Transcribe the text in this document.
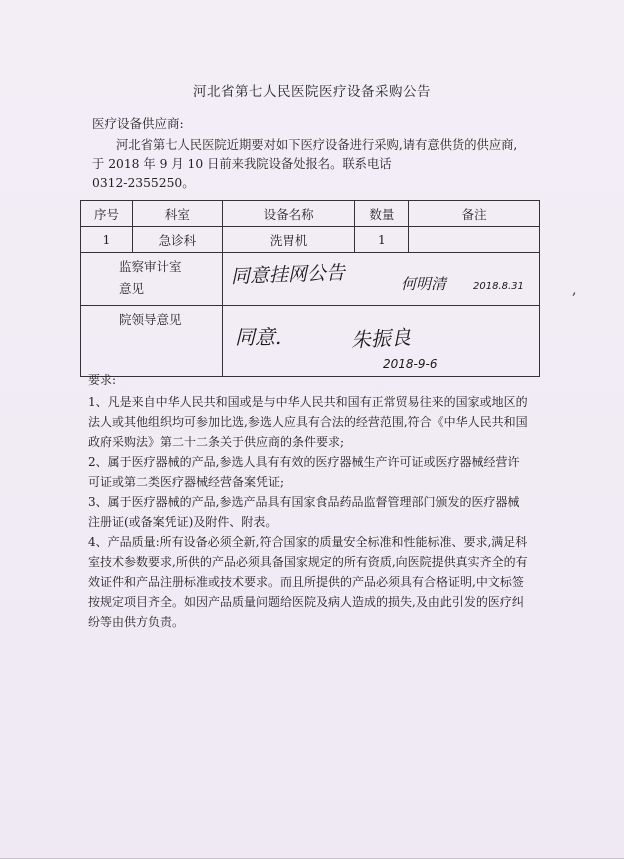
河北省第七人民医院医疗设备采购公告
医疗设备供应商:
河北省第七人民医院近期要对如下医疗设备进行采购,请有意供货的供应商,于 2018 年 9 月 10 日前来我院设备处报名。联系电话
0312-2355250。
序号	科室	设备名称	数量	备注
1	急诊科	洗胃机	1	

监察审计室
意见		同意挂网公告 何明清 2018.8.31		

院领导意见		同意. 朱振良
2018-9-6		
,

要求:

1、凡是来自中华人民共和国或是与中华人民共和国有正常贸易往来的国家或地区的法人或其他组织均可参加比选,参选人应具有合法的经营范围,符合《中华人民共和国政府采购法》第二十二条关于供应商的条件要求;

2、属于医疗器械的产品,参选人具有有效的医疗器械生产许可证或医疗器械经营许可证或第二类医疗器械经营备案凭证;

3、属于医疗器械的产品,参选产品具有国家食品药品监督管理部门颁发的医疗器械注册证(或备案凭证)及附件、附表。

4、产品质量:所有设备必须全新,符合国家的质量安全标准和性能标准、要求,满足科室技术参数要求,所供的产品必须具备国家规定的所有资质,向医院提供真实齐全的有效证件和产品注册标准或技术要求。而且所提供的产品必须具有合格证明,中文标签按规定项目齐全。如因产品质量问题给医院及病人造成的损失,及由此引发的医疗纠纷等由供方负责。
